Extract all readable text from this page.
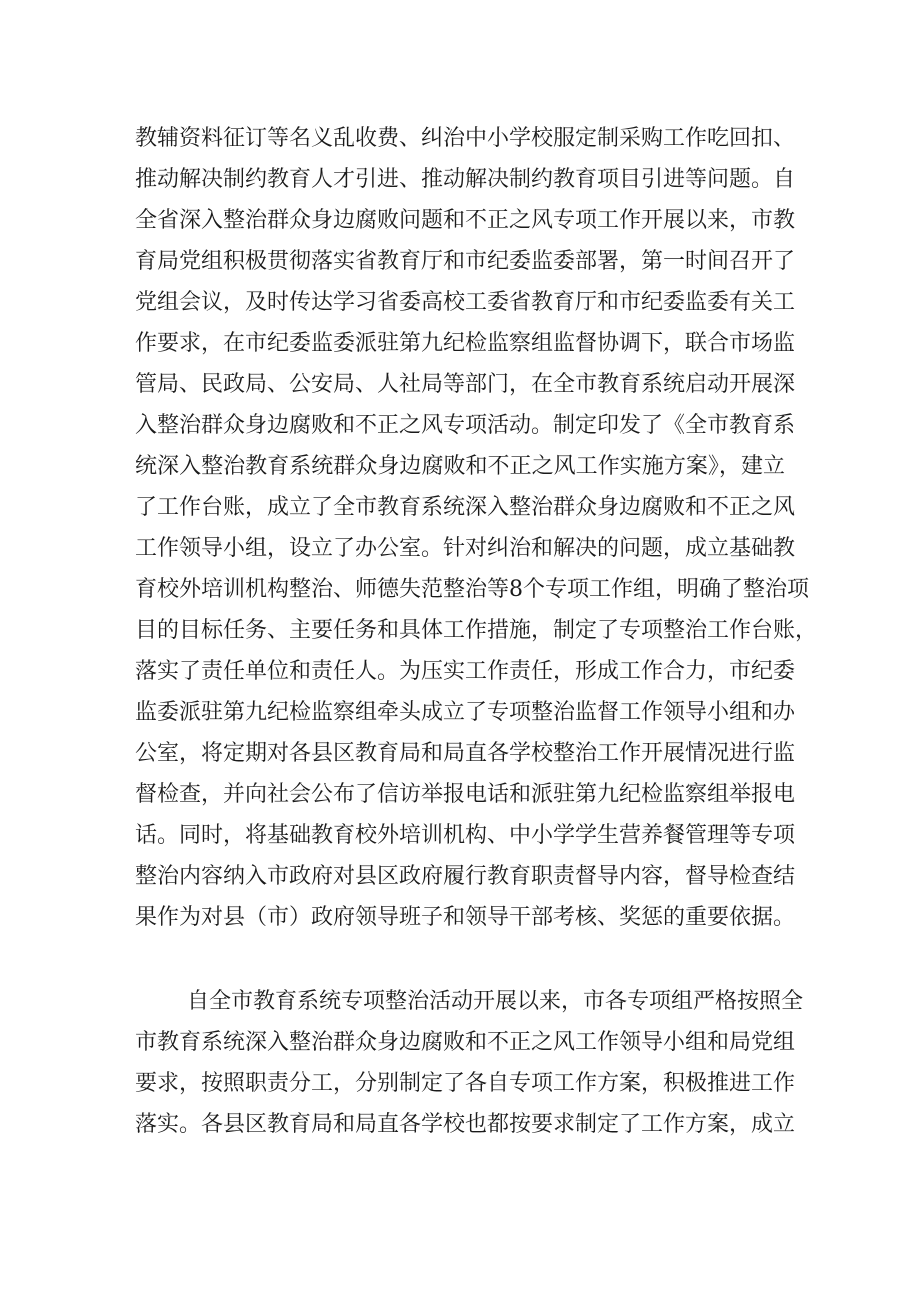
教辅资料征订等名义乱收费、纠治中小学校服定制采购工作吃回扣、
推动解决制约教育人才引进、推动解决制约教育项目引进等问题。自
全省深入整治群众身边腐败问题和不正之风专项工作开展以来，市教
育局党组积极贯彻落实省教育厅和市纪委监委部署，第一时间召开了
党组会议，及时传达学习省委高校工委省教育厅和市纪委监委有关工
作要求，在市纪委监委派驻第九纪检监察组监督协调下，联合市场监
管局、民政局、公安局、人社局等部门，在全市教育系统启动开展深
入整治群众身边腐败和不正之风专项活动。制定印发了《全市教育系
统深入整治教育系统群众身边腐败和不正之风工作实施方案》，建立
了工作台账，成立了全市教育系统深入整治群众身边腐败和不正之风
工作领导小组，设立了办公室。针对纠治和解决的问题，成立基础教
育校外培训机构整治、师德失范整治等8个专项工作组，明确了整治项
目的目标任务、主要任务和具体工作措施，制定了专项整治工作台账，
落实了责任单位和责任人。为压实工作责任，形成工作合力，市纪委
监委派驻第九纪检监察组牵头成立了专项整治监督工作领导小组和办
公室，将定期对各县区教育局和局直各学校整治工作开展情况进行监
督检查，并向社会公布了信访举报电话和派驻第九纪检监察组举报电
话。同时，将基础教育校外培训机构、中小学学生营养餐管理等专项
整治内容纳入市政府对县区政府履行教育职责督导内容，督导检查结
果作为对县（市）政府领导班子和领导干部考核、奖惩的重要依据。
自全市教育系统专项整治活动开展以来，市各专项组严格按照全
市教育系统深入整治群众身边腐败和不正之风工作领导小组和局党组
要求，按照职责分工，分别制定了各自专项工作方案，积极推进工作
落实。各县区教育局和局直各学校也都按要求制定了工作方案，成立
